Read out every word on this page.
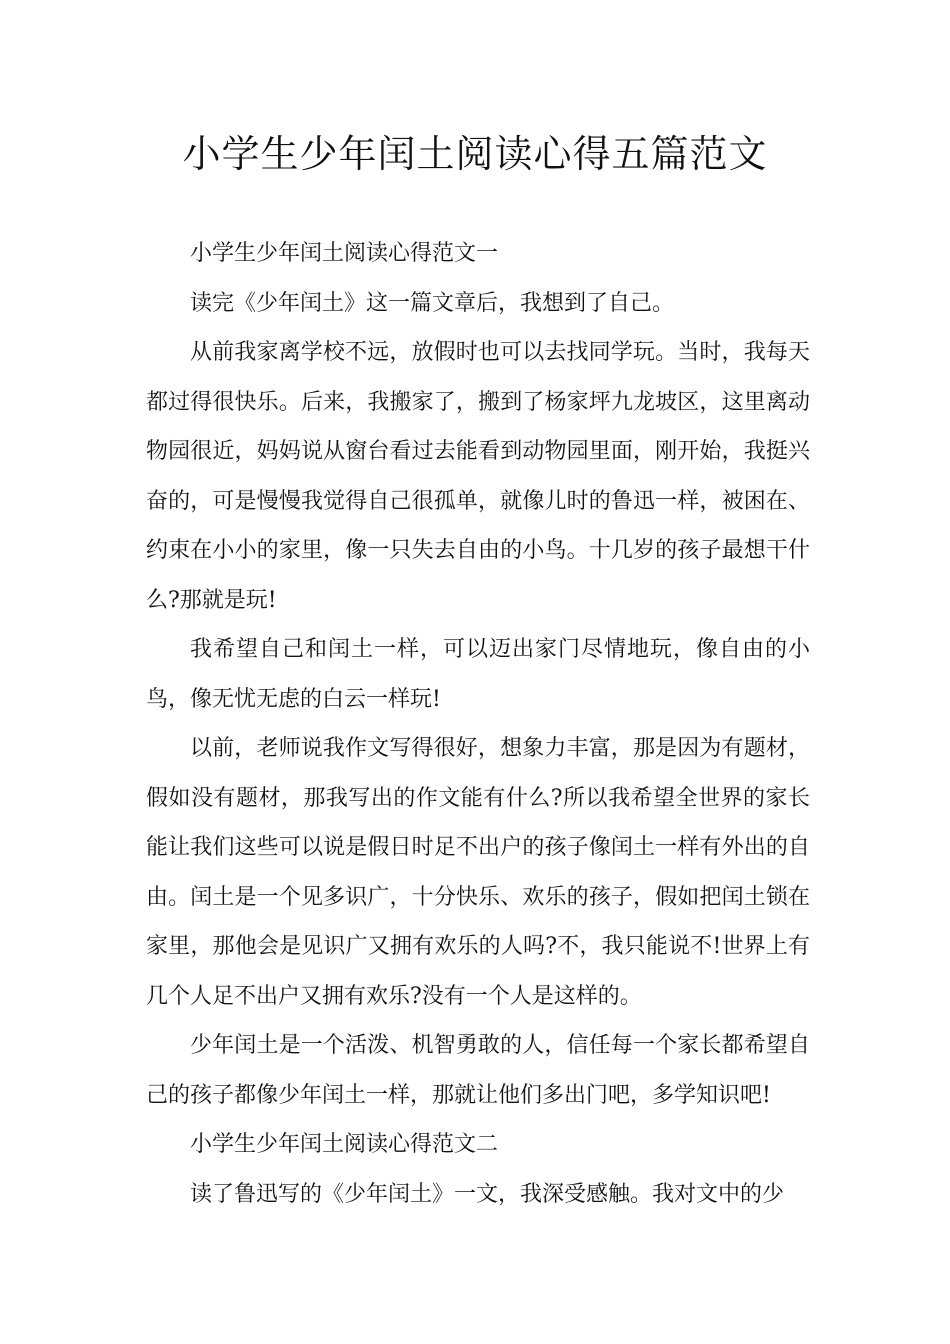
小学生少年闰土阅读心得五篇范文

小学生少年闰土阅读心得范文一

读完《少年闰土》这一篇文章后，我想到了自己。

从前我家离学校不远，放假时也可以去找同学玩。当时，我每天都过得很快乐。后来，我搬家了，搬到了杨家坪九龙坡区，这里离动物园很近，妈妈说从窗台看过去能看到动物园里面，刚开始，我挺兴奋的，可是慢慢我觉得自己很孤单，就像儿时的鲁迅一样，被困在、约束在小小的家里，像一只失去自由的小鸟。十几岁的孩子最想干什么?那就是玩!

我希望自己和闰土一样，可以迈出家门尽情地玩，像自由的小鸟，像无忧无虑的白云一样玩!

以前，老师说我作文写得很好，想象力丰富，那是因为有题材，假如没有题材，那我写出的作文能有什么?所以我希望全世界的家长能让我们这些可以说是假日时足不出户的孩子像闰土一样有外出的自由。闰土是一个见多识广，十分快乐、欢乐的孩子，假如把闰土锁在家里，那他会是见识广又拥有欢乐的人吗?不，我只能说不!世界上有几个人足不出户又拥有欢乐?没有一个人是这样的。

少年闰土是一个活泼、机智勇敢的人，信任每一个家长都希望自己的孩子都像少年闰土一样，那就让他们多出门吧，多学知识吧!

小学生少年闰土阅读心得范文二

读了鲁迅写的《少年闰土》一文，我深受感触。我对文中的少
